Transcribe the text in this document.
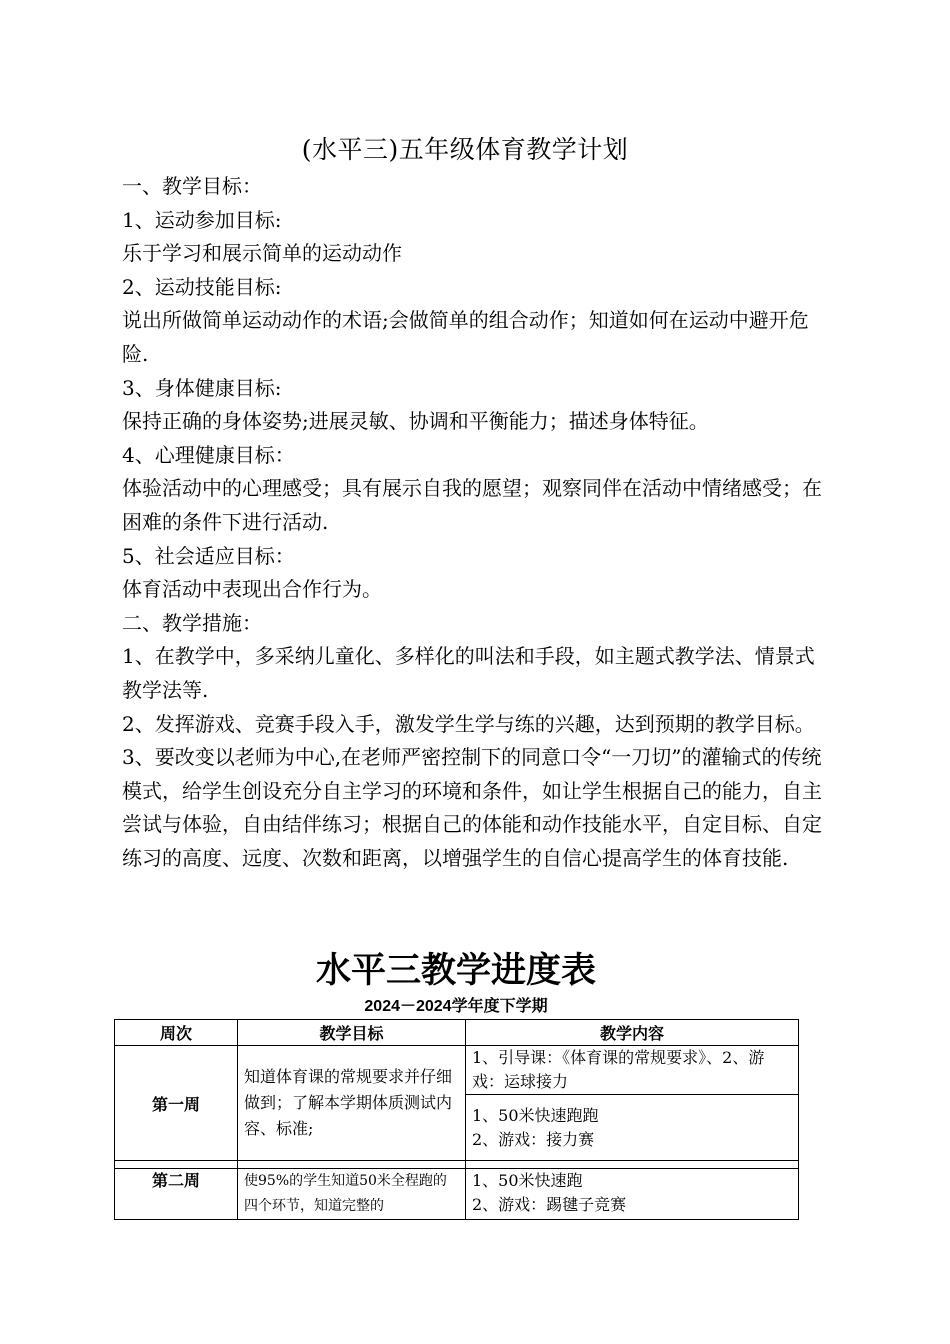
(水平三)五年级体育教学计划

一、教学目标：

1、运动参加目标:

乐于学习和展示简单的运动动作

2、运动技能目标:

说出所做简单运动动作的术语;会做简单的组合动作；知道如何在运动中避开危险.

3、身体健康目标:

保持正确的身体姿势;进展灵敏、协调和平衡能力；描述身体特征。

4、心理健康目标：

体验活动中的心理感受；具有展示自我的愿望；观察同伴在活动中情绪感受；在困难的条件下进行活动.

5、社会适应目标：

体育活动中表现出合作行为。

二、教学措施：

1、在教学中，多采纳儿童化、多样化的叫法和手段，如主题式教学法、情景式教学法等.

2、发挥游戏、竞赛手段入手，激发学生学与练的兴趣，达到预期的教学目标。

3、要改变以老师为中心,在老师严密控制下的同意口令“一刀切”的灌输式的传统模式，给学生创设充分自主学习的环境和条件，如让学生根据自己的能力，自主尝试与体验，自由结伴练习；根据自己的体能和动作技能水平，自定目标、自定练习的高度、远度、次数和距离，以增强学生的自信心提高学生的体育技能.

水平三教学进度表
2024－2024学年度下学期
周次	教学目标	教学内容
第一周	知道体育课的常规要求并仔细做到；了解本学期体质测试内容、标准;	1、引导课：《体育课的常规要求》、2、游戏：运球接力

		1、50米快速跑跑
2、游戏：接力赛

第二周	使95%的学生知道50米全程跑的四个环节，知道完整的	1、50米快速跑
2、游戏：踢毽子竞赛
